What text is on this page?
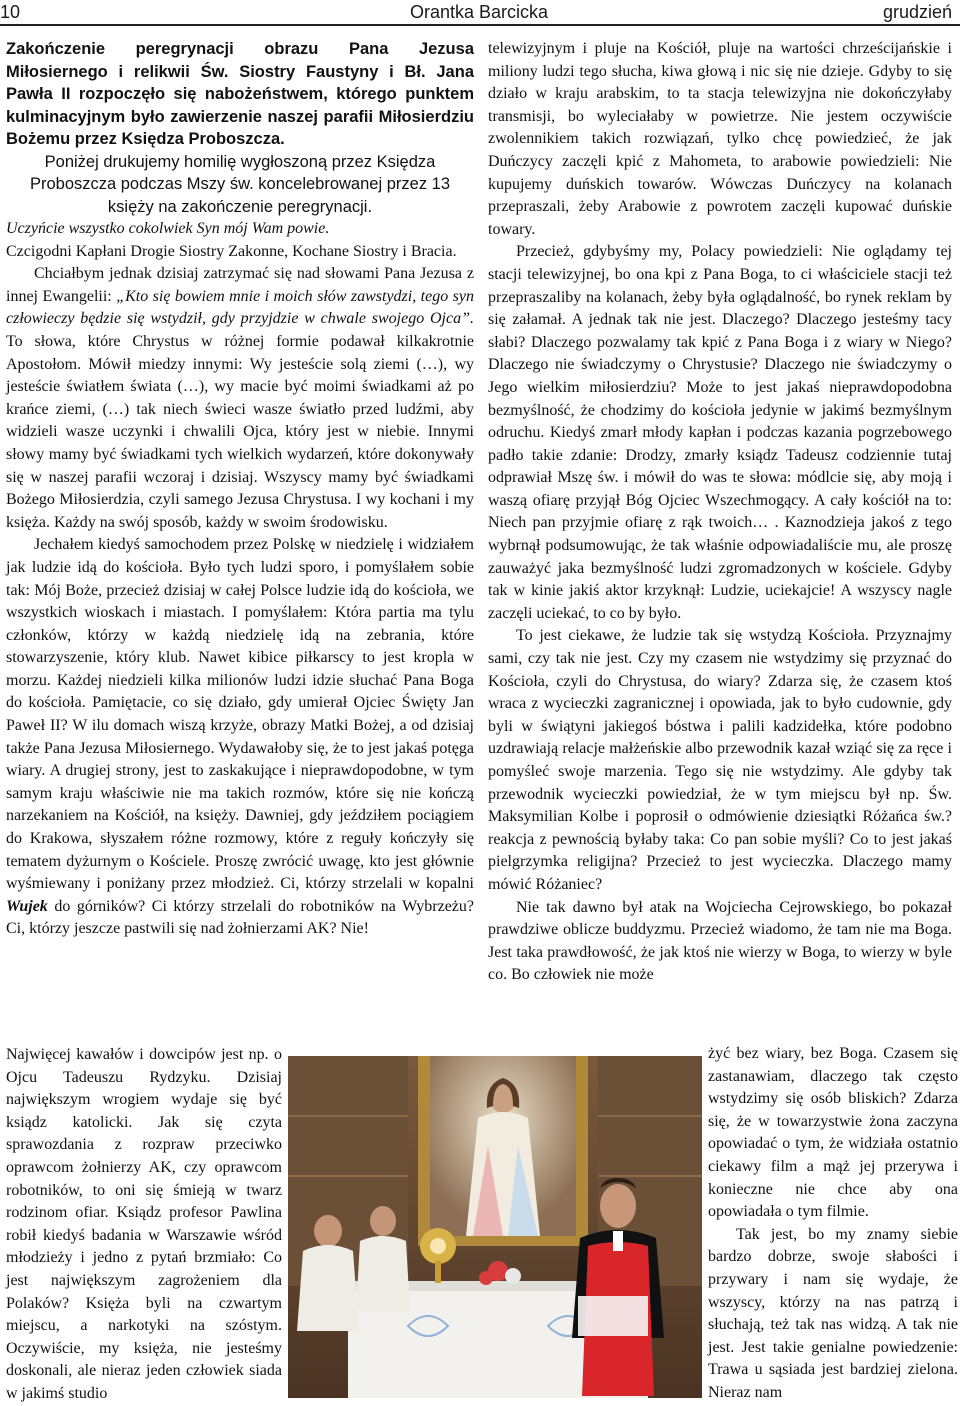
10	Orantka Barcicka	grudzień

Zakończenie peregrynacji obrazu Pana Jezusa Miłosiernego i relikwii Św. Siostry Faustyny i Bł. Jana Pawła II rozpoczęło się nabożeństwem, którego punktem kulminacyjnym było zawierzenie naszej parafii Miłosierdziu Bożemu przez Księdza Proboszcza.

Poniżej drukujemy homilię wygłoszoną przez Księdza Proboszcza podczas Mszy św. koncelebrowanej przez 13 księży na zakończenie peregrynacji.

Uczyńcie wszystko cokolwiek Syn mój Wam powie.

Czcigodni Kapłani Drogie Siostry Zakonne, Kochane Siostry i Bracia.

Chciałbym jednak dzisiaj zatrzymać się nad słowami Pana Jezusa z innej Ewangelii: „Kto się bowiem mnie i moich słów zawstydzi, tego syn człowieczy będzie się wstydził, gdy przyjdzie w chwale swojego Ojca”. To słowa, które Chrystus w różnej formie podawał kilkakrotnie Apostołom. Mówił miedzy innymi: Wy jesteście solą ziemi (…), wy jesteście światłem świata (…), wy macie być moimi świadkami aż po krańce ziemi, (…) tak niech świeci wasze światło przed ludźmi, aby widzieli wasze uczynki i chwalili Ojca, który jest w niebie. Innymi słowy mamy być świadkami tych wielkich wydarzeń, które dokonywały się w naszej parafii wczoraj i dzisiaj. Wszyscy mamy być świadkami Bożego Miłosierdzia, czyli samego Jezusa Chrystusa. I wy kochani i my księża. Każdy na swój sposób, każdy w swoim środowisku.

Jechałem kiedyś samochodem przez Polskę w niedzielę i widziałem jak ludzie idą do kościoła. Było tych ludzi sporo, i pomyślałem sobie tak: Mój Boże, przecież dzisiaj w całej Polsce ludzie idą do kościoła, we wszystkich wioskach i miastach. I pomyślałem: Która partia ma tylu członków, którzy w każdą niedzielę idą na zebrania, które stowarzyszenie, który klub. Nawet kibice piłkarscy to jest kropla w morzu. Każdej niedzieli kilka milionów ludzi idzie słuchać Pana Boga do kościoła. Pamiętacie, co się działo, gdy umierał Ojciec Święty Jan Paweł II? W ilu domach wiszą krzyże, obrazy Matki Bożej, a od dzisiaj także Pana Jezusa Miłosiernego. Wydawałoby się, że to jest jakaś potęga wiary. A drugiej strony, jest to zaskakujące i nieprawdopodobne, w tym samym kraju właściwie nie ma takich rozmów, które się nie kończą narzekaniem na Kościół, na księży. Dawniej, gdy jeździłem pociągiem do Krakowa, słyszałem różne rozmowy, które z reguły kończyły się tematem dyżurnym o Kościele. Proszę zwrócić uwagę, kto jest głównie wyśmiewany i poniżany przez młodzież. Ci, którzy strzelali w kopalni Wujek do górników? Ci którzy strzelali do robotników na Wybrzeżu? Ci, którzy jeszcze pastwili się nad żołnierzami AK? Nie!

Najwięcej kawałów i dowcipów jest np. o Ojcu Tadeuszu Rydzyku. Dzisiaj największym wrogiem wydaje się być ksiądz katolicki. Jak się czyta sprawozdania z rozpraw przeciwko oprawcom żołnierzy AK, czy oprawcom robotników, to oni się śmieją w twarz rodzinom ofiar. Ksiądz profesor Pawlina robił kiedyś badania w Warszawie wśród młodzieży i jedno z pytań brzmiało: Co jest największym zagrożeniem dla Polaków? Księża byli na czwartym miejscu, a narkotyki na szóstym. Oczywiście, my księża, nie jesteśmy doskonali, ale nieraz jeden człowiek siada w jakimś studio

telewizyjnym i pluje na Kościół, pluje na wartości chrześcijańskie i miliony ludzi tego słucha, kiwa głową i nic się nie dzieje. Gdyby to się działo w kraju arabskim, to ta stacja telewizyjna nie dokończyłaby transmisji, bo wyleciałaby w powietrze. Nie jestem oczywiście zwolennikiem takich rozwiązań, tylko chcę powiedzieć, że jak Duńczycy zaczęli kpić z Mahometa, to arabowie powiedzieli: Nie kupujemy duńskich towarów. Wówczas Duńczycy na kolanach przepraszali, żeby Arabowie z powrotem zaczęli kupować duńskie towary.

Przecież, gdybyśmy my, Polacy powiedzieli: Nie oglądamy tej stacji telewizyjnej, bo ona kpi z Pana Boga, to ci właściciele stacji też przepraszaliby na kolanach, żeby była oglądalność, bo rynek reklam by się załamał. A jednak tak nie jest. Dlaczego? Dlaczego jesteśmy tacy słabi? Dlaczego pozwalamy tak kpić z Pana Boga i z wiary w Niego? Dlaczego nie świadczymy o Chrystusie? Dlaczego nie świadczymy o Jego wielkim miłosierdziu? Może to jest jakaś nieprawdopodobna bezmyślność, że chodzimy do kościoła jedynie w jakimś bezmyślnym odruchu. Kiedyś zmarł młody kapłan i podczas kazania pogrzebowego padło takie zdanie: Drodzy, zmarły ksiądz Tadeusz codziennie tutaj odprawiał Mszę św. i mówił do was te słowa: módlcie się, aby moją i waszą ofiarę przyjął Bóg Ojciec Wszechmogący. A cały kościół na to: Niech pan przyjmie ofiarę z rąk twoich… . Kaznodzieja jakoś z tego wybrnął podsumowując, że tak właśnie odpowiadaliście mu, ale proszę zauważyć jaka bezmyślność ludzi zgromadzonych w kościele. Gdyby tak w kinie jakiś aktor krzyknął: Ludzie, uciekajcie! A wszyscy nagle zaczęli uciekać, to co by było.

To jest ciekawe, że ludzie tak się wstydzą Kościoła. Przyznajmy sami, czy tak nie jest. Czy my czasem nie wstydzimy się przyznać do Kościoła, czyli do Chrystusa, do wiary? Zdarza się, że czasem ktoś wraca z wycieczki zagranicznej i opowiada, jak to było cudownie, gdy byli w świątyni jakiegoś bóstwa i palili kadzidełka, które podobno uzdrawiają relacje małżeńskie albo przewodnik kazał wziąć się za ręce i pomyśleć swoje marzenia. Tego się nie wstydzimy. Ale gdyby tak przewodnik wycieczki powiedział, że w tym miejscu był np. Św. Maksymilian Kolbe i poprosił o odmówienie dziesiątki Różańca św.? reakcja z pewnością byłaby taka: Co pan sobie myśli? Co to jest jakaś pielgrzymka religijna? Przecież to jest wycieczka. Dlaczego mamy mówić Różaniec?

Nie tak dawno był atak na Wojciecha Cejrowskiego, bo pokazał prawdziwe oblicze buddyzmu. Przecież wiadomo, że tam nie ma Boga. Jest taka prawdłowość, że jak ktoś nie wierzy w Boga, to wierzy w byle co. Bo człowiek nie może

żyć bez wiary, bez Boga. Czasem się zastanawiam, dlaczego tak często wstydzimy się osób bliskich? Zdarza się, że w towarzystwie żona zaczyna opowiadać o tym, że widziała ostatnio ciekawy film a mąż jej przerywa i konieczne nie chce aby ona opowiadała o tym filmie.

Tak jest, bo my znamy siebie bardzo dobrze, swoje słabości i przywary i nam się wydaje, że wszyscy, którzy na nas patrzą i słuchają, też tak nas widzą. A tak nie jest. Jest takie genialne powiedzenie: Trawa u sąsiada jest bardziej zielona. Nieraz nam
